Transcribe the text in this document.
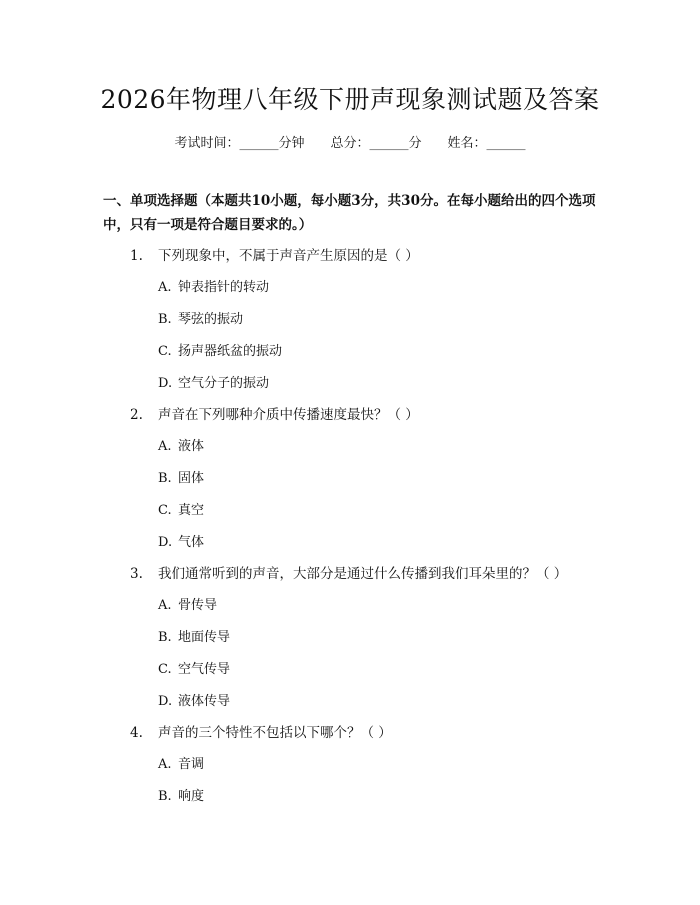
2026年物理八年级下册声现象测试题及答案
考试时间：______分钟 总分：______分 姓名：______
一、单项选择题（本题共10小题，每小题3分，共30分。在每小题给出的四个选项中，只有一项是符合题目要求的。）
1. 下列现象中，不属于声音产生原因的是（ ）
A. 钟表指针的转动
B. 琴弦的振动
C. 扬声器纸盆的振动
D. 空气分子的振动
2. 声音在下列哪种介质中传播速度最快？（ ）
A. 液体
B. 固体
C. 真空
D. 气体
3. 我们通常听到的声音，大部分是通过什么传播到我们耳朵里的？（ ）
A. 骨传导
B. 地面传导
C. 空气传导
D. 液体传导
4. 声音的三个特性不包括以下哪个？（ ）
A. 音调
B. 响度
